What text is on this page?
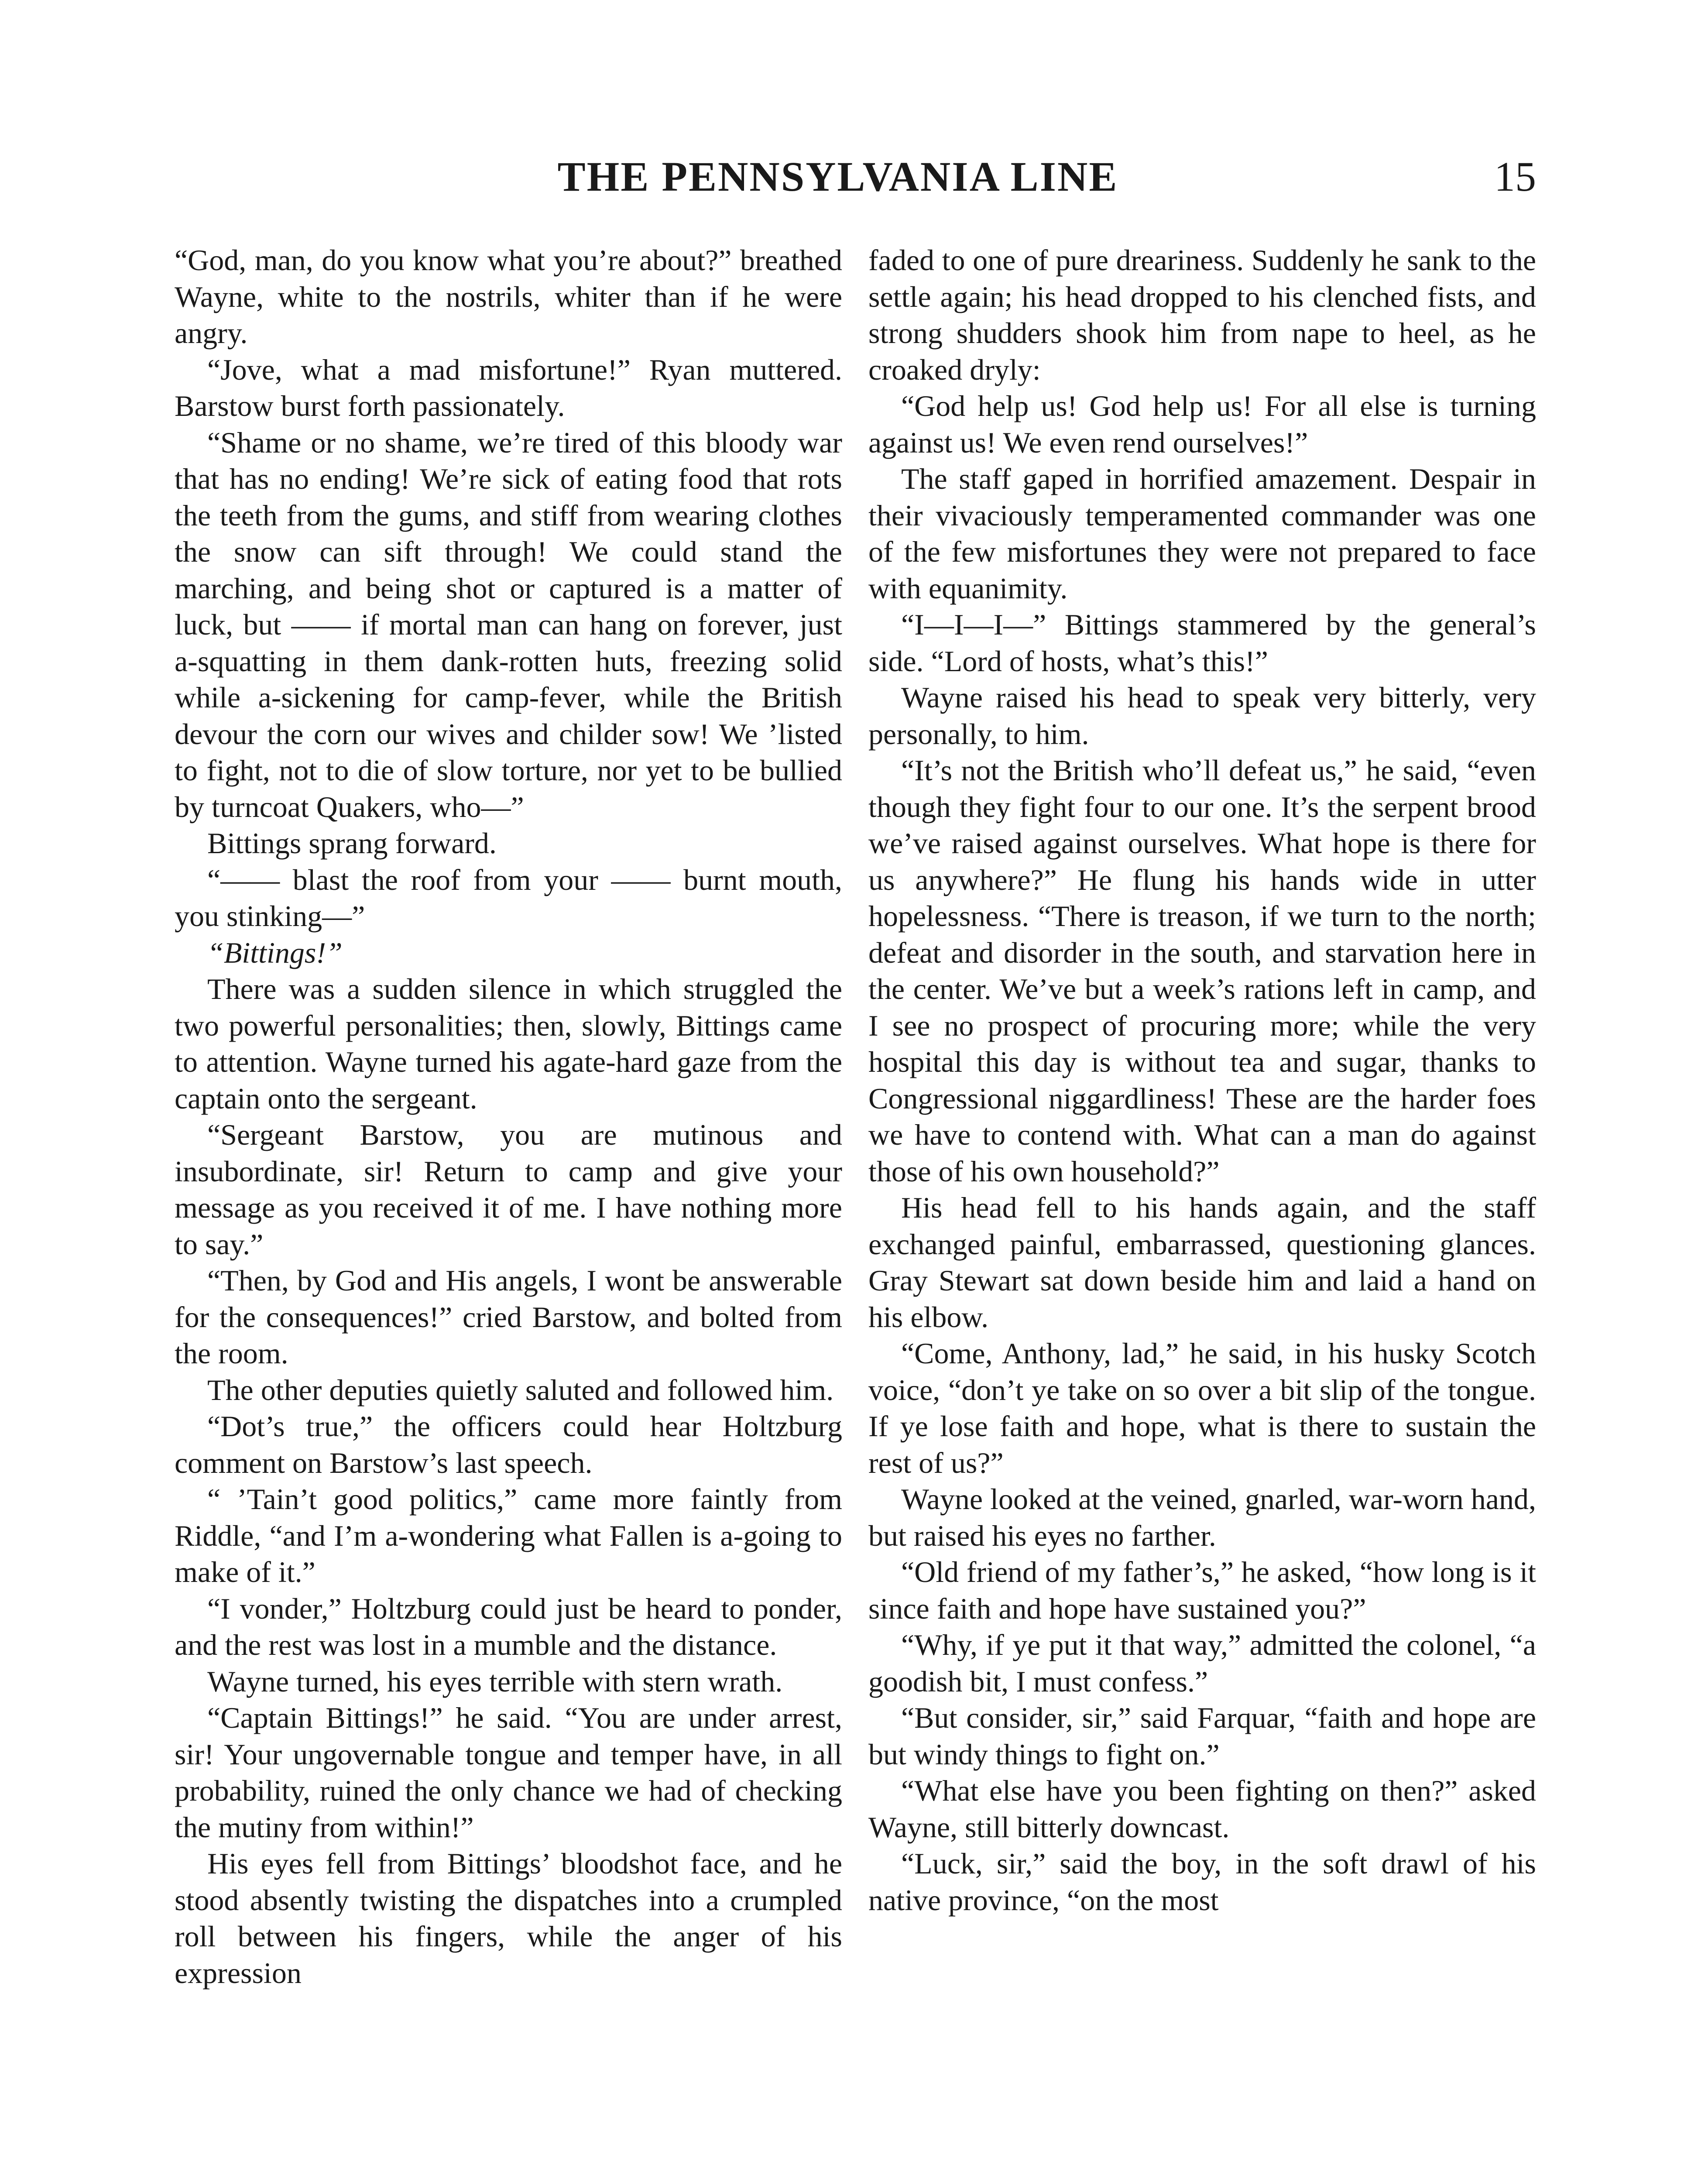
THE PENNSYLVANIA LINE	15

“God, man, do you know what you’re about?” breathed Wayne, white to the nostrils, whiter than if he were angry.

“Jove, what a mad misfortune!” Ryan muttered. Barstow burst forth passionately.

“Shame or no shame, we’re tired of this bloody war that has no ending! We’re sick of eating food that rots the teeth from the gums, and stiff from wearing clothes the snow can sift through! We could stand the marching, and being shot or captured is a matter of luck, but —— if mortal man can hang on forever, just a-squatting in them dank-rotten huts, freezing solid while a-sickening for camp-fever, while the British devour the corn our wives and childer sow! We ’listed to fight, not to die of slow torture, nor yet to be bullied by turncoat Quakers, who—”

Bittings sprang forward.

“—— blast the roof from your —— burnt mouth, you stinking—”

“Bittings!”

There was a sudden silence in which struggled the two powerful personalities; then, slowly, Bittings came to attention. Wayne turned his agate-hard gaze from the captain onto the sergeant.

“Sergeant Barstow, you are mutinous and insubordinate, sir! Return to camp and give your message as you received it of me. I have nothing more to say.”

“Then, by God and His angels, I wont be answerable for the consequences!” cried Barstow, and bolted from the room.

The other deputies quietly saluted and followed him.

“Dot’s true,” the officers could hear Holtzburg comment on Barstow’s last speech.

“ ’Tain’t good politics,” came more faintly from Riddle, “and I’m a-wondering what Fallen is a-going to make of it.”

“I vonder,” Holtzburg could just be heard to ponder, and the rest was lost in a mumble and the distance.

Wayne turned, his eyes terrible with stern wrath.

“Captain Bittings!” he said. “You are under arrest, sir! Your ungovernable tongue and temper have, in all probability, ruined the only chance we had of checking the mutiny from within!”

His eyes fell from Bittings’ bloodshot face, and he stood absently twisting the dispatches into a crumpled roll between his fingers, while the anger of his expression

faded to one of pure dreariness. Suddenly he sank to the settle again; his head dropped to his clenched fists, and strong shudders shook him from nape to heel, as he croaked dryly:

“God help us! God help us! For all else is turning against us! We even rend ourselves!”

The staff gaped in horrified amazement. Despair in their vivaciously temperamented commander was one of the few misfortunes they were not prepared to face with equanimity.

“I—I—I—” Bittings stammered by the general’s side. “Lord of hosts, what’s this!”

Wayne raised his head to speak very bitterly, very personally, to him.

“It’s not the British who’ll defeat us,” he said, “even though they fight four to our one. It’s the serpent brood we’ve raised against ourselves. What hope is there for us anywhere?” He flung his hands wide in utter hopelessness. “There is treason, if we turn to the north; defeat and disorder in the south, and starvation here in the center. We’ve but a week’s rations left in camp, and I see no prospect of procuring more; while the very hospital this day is without tea and sugar, thanks to Congressional niggardliness! These are the harder foes we have to contend with. What can a man do against those of his own household?”

His head fell to his hands again, and the staff exchanged painful, embarrassed, questioning glances. Gray Stewart sat down beside him and laid a hand on his elbow.

“Come, Anthony, lad,” he said, in his husky Scotch voice, “don’t ye take on so over a bit slip of the tongue. If ye lose faith and hope, what is there to sustain the rest of us?”

Wayne looked at the veined, gnarled, war-worn hand, but raised his eyes no farther.

“Old friend of my father’s,” he asked, “how long is it since faith and hope have sustained you?”

“Why, if ye put it that way,” admitted the colonel, “a goodish bit, I must confess.”

“But consider, sir,” said Farquar, “faith and hope are but windy things to fight on.”

“What else have you been fighting on then?” asked Wayne, still bitterly downcast.

“Luck, sir,” said the boy, in the soft drawl of his native province, “on the most
